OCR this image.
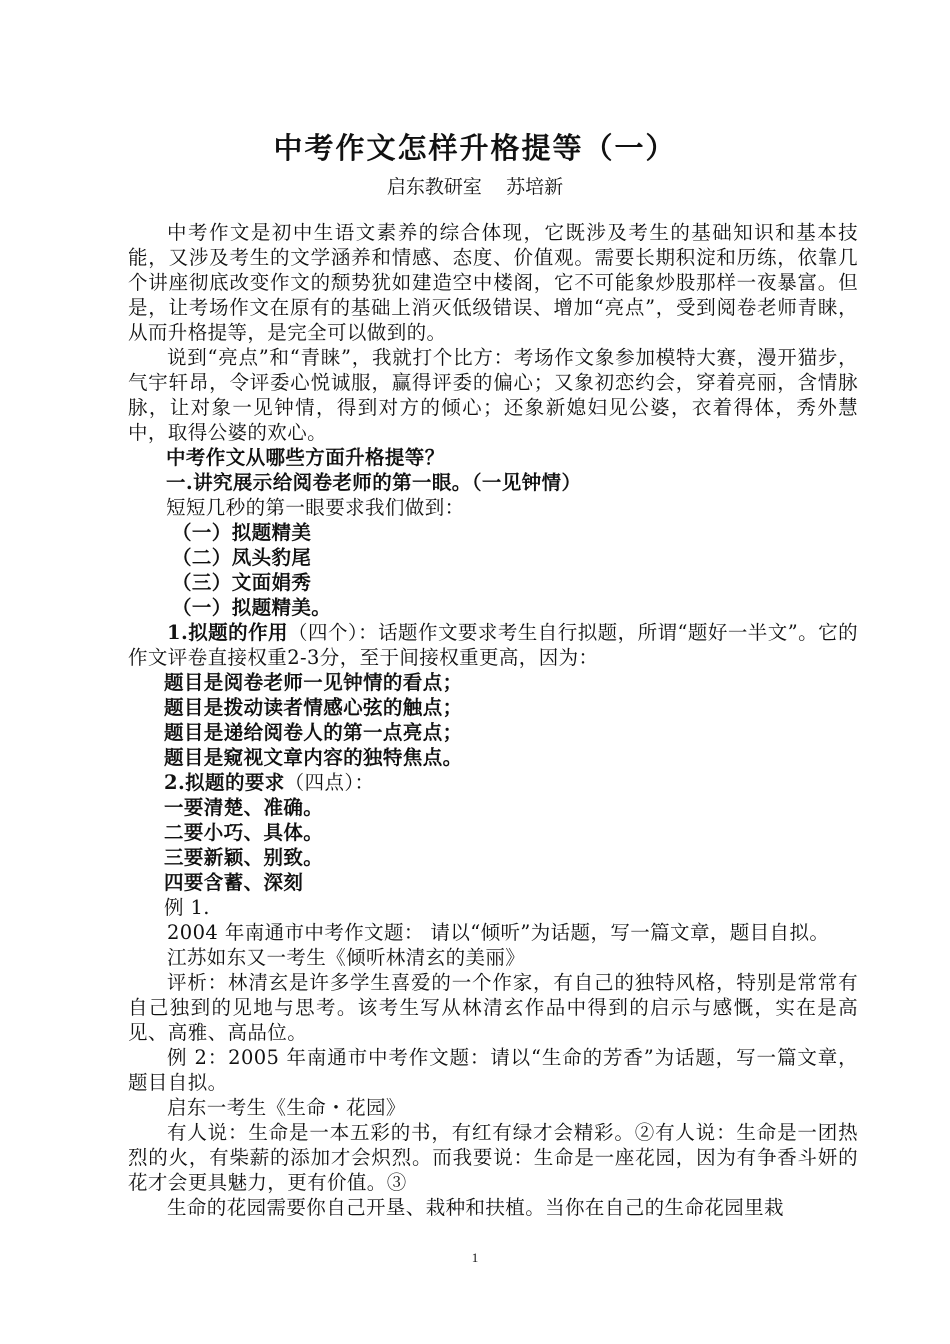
中考作文怎样升格提等（一）
启东教研室    苏培新

中考作文是初中生语文素养的综合体现，它既涉及考生的基础知识和基本技能，又涉及考生的文学涵养和情感、态度、价值观。需要长期积淀和历练，依靠几个讲座彻底改变作文的颓势犹如建造空中楼阁，它不可能象炒股那样一夜暴富。但是，让考场作文在原有的基础上消灭低级错误、增加“亮点”，受到阅卷老师青睐，从而升格提等，是完全可以做到的。

说到“亮点”和“青睐”，我就打个比方：考场作文象参加模特大赛，漫开猫步，气宇轩昂，令评委心悦诚服，赢得评委的偏心；又象初恋约会，穿着亮丽，含情脉脉，让对象一见钟情，得到对方的倾心；还象新媳妇见公婆，衣着得体，秀外慧中，取得公婆的欢心。

中考作文从哪些方面升格提等？

一.讲究展示给阅卷老师的第一眼。（一见钟情）

短短几秒的第一眼要求我们做到：

（一）拟题精美

（二）凤头豹尾

（三）文面娟秀

（一）拟题精美。

1.拟题的作用（四个）：话题作文要求考生自行拟题，所谓“题好一半文”。它的作文评卷直接权重2-3分，至于间接权重更高，因为：

题目是阅卷老师一见钟情的看点；

题目是拨动读者情感心弦的触点；

题目是递给阅卷人的第一点亮点；

题目是窥视文章内容的独特焦点。

2.拟题的要求（四点）：

一要清楚、准确。

二要小巧、具体。

三要新颖、别致。

四要含蓄、深刻

例 1.

2004 年南通市中考作文题： 请以“倾听”为话题，写一篇文章，题目自拟。

江苏如东又一考生《倾听林清玄的美丽》

评析：林清玄是许多学生喜爱的一个作家，有自己的独特风格，特别是常常有自己独到的见地与思考。该考生写从林清玄作品中得到的启示与感慨，实在是高见、高雅、高品位。

例 2：2005 年南通市中考作文题：请以“生命的芳香”为话题，写一篇文章，题目自拟。

启东一考生《生命・花园》

有人说：生命是一本五彩的书，有红有绿才会精彩。②有人说：生命是一团热烈的火，有柴薪的添加才会炽烈。而我要说：生命是一座花园，因为有争香斗妍的花才会更具魅力，更有价值。③

生命的花园需要你自己开垦、栽种和扶植。当你在自己的生命花园里栽

1
